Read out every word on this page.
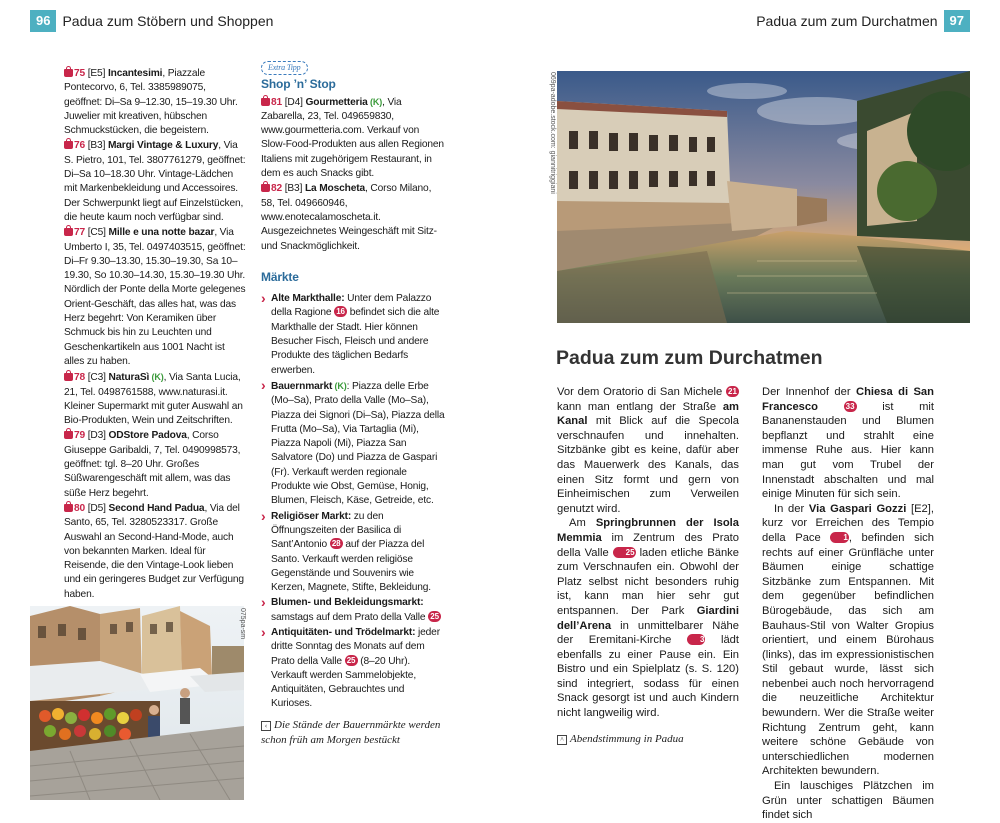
96 Padua zum Stöbern und Shoppen
75 [E5] Incantesimi, Piazzale Pontecorvo, 6, Tel. 3385989075, geöffnet: Di–Sa 9–12.30, 15–19.30 Uhr. Juwelier mit kreativen, hübschen Schmuckstücken, die begeistern.
76 [B3] Margi Vintage & Luxury, Via S. Pietro, 101, Tel. 3807761279, geöffnet: Di–Sa 10–18.30 Uhr. Vintage-Lädchen mit Markenbekleidung und Accessoires. Der Schwerpunkt liegt auf Einzelstücken, die heute kaum noch verfügbar sind.
77 [C5] Mille e una notte bazar, Via Umberto I, 35, Tel. 0497403515, geöffnet: Di–Fr 9.30–13.30, 15.30–19.30, Sa 10–19.30, So 10.30–14.30, 15.30–19.30 Uhr. Nördlich der Ponte della Morte gelegenes Orient-Geschäft, das alles hat, was das Herz begehrt: Von Keramiken über Schmuck bis hin zu Leuchten und Geschenkartikeln aus 1001 Nacht ist alles zu haben.
78 [C3] NaturaSì (K), Via Santa Lucia, 21, Tel. 0498761588, www.naturasi.it. Kleiner Supermarkt mit guter Auswahl an Bio-Produkten, Wein und Zeitschriften.
79 [D3] ODStore Padova, Corso Giuseppe Garibaldi, 7, Tel. 0490998573, geöffnet: tgl. 8–20 Uhr. Großes Süßwarengeschäft mit allem, was das süße Herz begehrt.
80 [D5] Second Hand Padua, Via del Santo, 65, Tel. 3280523317. Große Auswahl an Second-Hand-Mode, auch von bekannten Marken. Ideal für Reisende, die den Vintage-Look lieben und ein geringeres Budget zur Verfügung haben.
Extra Tipp
Shop ’n’ Stop
81 [D4] Gourmetteria (K), Via Zabarella, 23, Tel. 049659830, www.gourmetteria.com. Verkauf von Slow-Food-Produkten aus allen Regionen Italiens mit zugehörigem Restaurant, in dem es auch Snacks gibt.
82 [B3] La Moscheta, Corso Milano, 58, Tel. 049660946, www.enotecalamoscheta.it. Ausgezeichnetes Weingeschäft mit Sitz- und Snackmöglichkeit.
Märkte
› Alte Markthalle: Unter dem Palazzo della Ragione 16 befindet sich die alte Markthalle der Stadt. Hier können Besucher Fisch, Fleisch und andere Produkte des täglichen Bedarfs erwerben.
› Bauernmarkt (K): Piazza delle Erbe (Mo–Sa), Prato della Valle (Mo–Sa), Piazza dei Signori (Di–Sa), Piazza della Frutta (Mo–Sa), Via Tartaglia (Mi), Piazza Napoli (Mi), Piazza San Salvatore (Do) und Piazza de Gaspari (Fr). Verkauft werden regionale Produkte wie Obst, Gemüse, Honig, Blumen, Fleisch, Käse, Getreide, etc.
› Religiöser Markt: zu den Öffnungszeiten der Basilica di Sant’Antonio 28 auf der Piazza del Santo. Verkauft werden religiöse Gegenstände und Souvenirs wie Kerzen, Magnete, Stifte, Bekleidung.
› Blumen- und Bekleidungsmarkt: samstags auf dem Prato della Valle 25
› Antiquitäten- und Trödelmarkt: jeder dritte Sonntag des Monats auf dem Prato della Valle 25 (8–20 Uhr). Verkauft werden Sammelobjekte, Antiquitäten, Gebrauchtes und Kurioses.
075pa-sm
‹ Die Stände der Bauernmärkte werden schon früh am Morgen bestückt
Padua zum zum Durchatmen 97
069pa-adobe.stock.com: giannitriggiani
^ Abendstimmung in Padua
Padua zum zum Durchatmen

Vor dem Oratorio di San Michele 21 kann man entlang der Straße am Kanal mit Blick auf die Specola verschnaufen und innehalten. Sitzbänke gibt es keine, dafür aber das Mauerwerk des Kanals, das einen Sitz formt und gern von Einheimischen zum Verweilen genutzt wird.

Am Springbrunnen der Isola Memmia im Zentrum des Prato della Valle 25 laden etliche Bänke zum Verschnaufen ein. Obwohl der Platz selbst nicht besonders ruhig ist, kann man hier sehr gut entspannen. Der Park Giardini dell’Arena in unmittelbarer Nähe der Eremitani-Kirche 3 lädt ebenfalls zu einer Pause ein. Ein Bistro und ein Spielplatz (s. S. 120) sind integriert, sodass für einen Snack gesorgt ist und auch Kindern nicht langweilig wird.

Der Innenhof der Chiesa di San Francesco	33 ist mit Bananenstauden und Blumen bepflanzt und strahlt eine immense Ruhe aus. Hier kann man gut vom Trubel der Innenstadt abschalten und mal einige Minuten für sich sein.

In der Via Gaspari Gozzi [E2], kurz vor Erreichen des Tempio della Pace 1, befinden sich rechts auf einer Grünfläche unter Bäumen einige schattige Sitzbänke zum Entspannen. Mit dem gegenüber befindlichen Bürogebäude, das sich am Bauhaus-Stil von Walter Gropius orientiert, und einem Bürohaus (links), das im expressionistischen Stil gebaut wurde, lässt sich nebenbei auch noch hervorragend die neuzeitliche Architektur bewundern. Wer die Straße weiter Richtung Zentrum geht, kann weitere schöne Gebäude von unterschiedlichen modernen Architekten bewundern.

Ein lauschiges Plätzchen im Grün unter schattigen Bäumen findet sich
